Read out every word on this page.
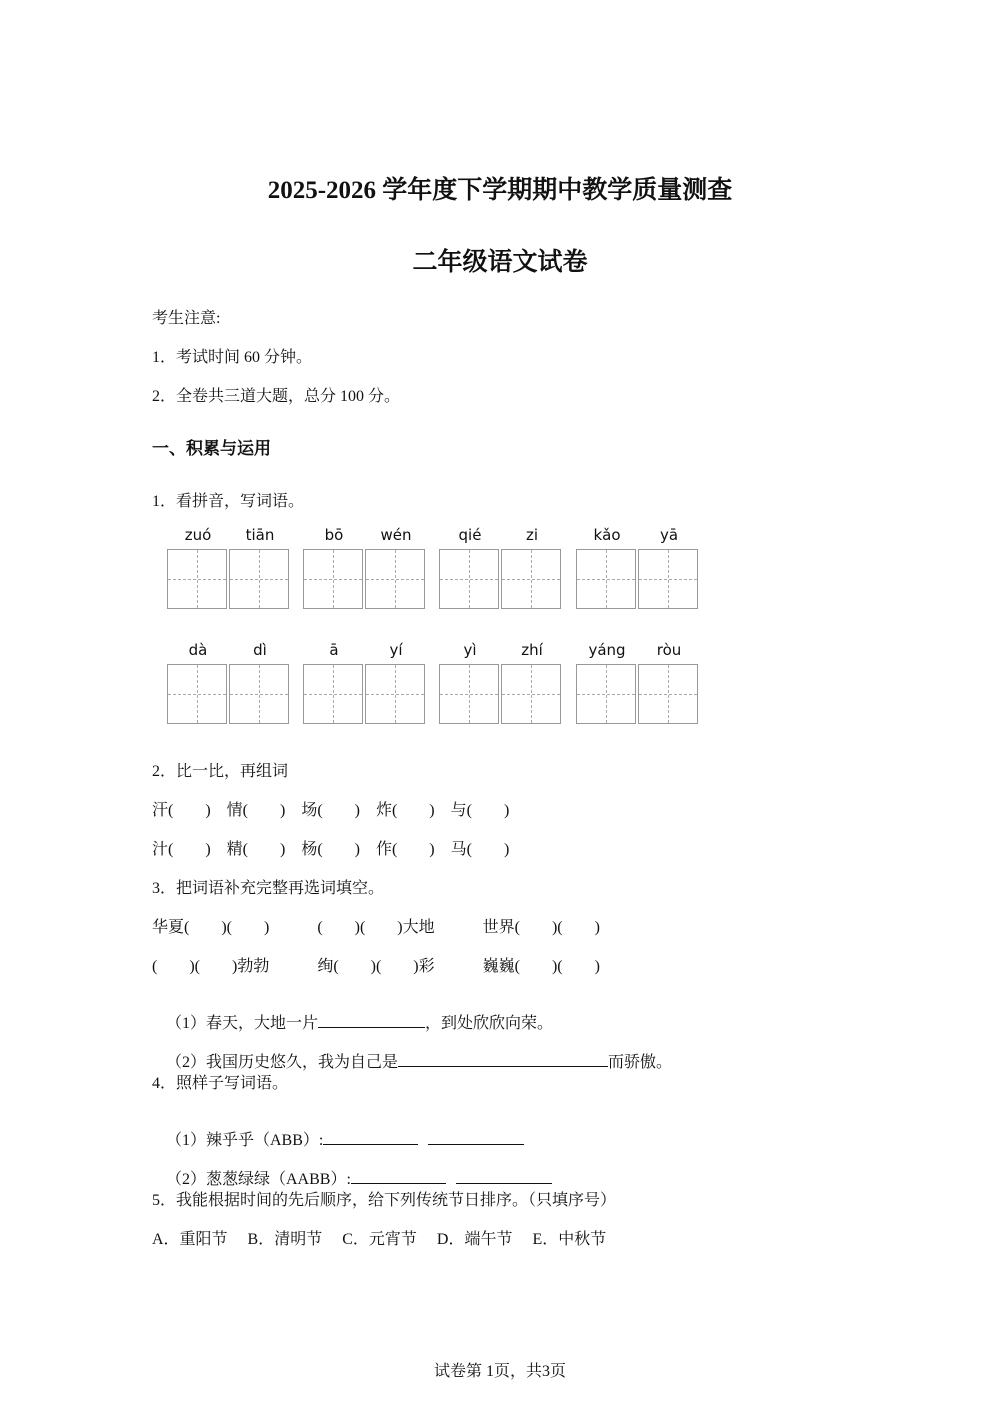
2025-2026 学年度下学期期中教学质量测查
二年级语文试卷
考生注意:
1．考试时间 60 分钟。
2．全卷共三道大题，总分 100 分。
一、积累与运用
1．看拼音，写词语。
zuó	tiān	bō	wén	qié	zi	kǎo	yā
dà	dì	ā	yí	yì	zhí	yáng	ròu
2．比一比，再组词
汗(　　)　情(　　)　场(　　)　炸(　　)　与(　　)
汁(　　)　精(　　)　杨(　　)　作(　　)　马(　　)
3．把词语补充完整再选词填空。
华夏(　　)(　　)　　　(　　)(　　)大地　　　世界(　　)(　　)
(　　)(　　)勃勃　　　绚(　　)(　　)彩　　　巍巍(　　)(　　)

（1）春天，大地一片	，到处欣欣向荣。

（2）我国历史悠久，我为自己是	而骄傲。

4．照样子写词语。

（1）辣乎乎（ABB）:

（2）葱葱绿绿（AABB）:

5．我能根据时间的先后顺序，给下列传统节日排序。（只填序号）
A．重阳节　 B．清明节　 C．元宵节　 D．端午节　 E．中秋节
试卷第 1页，共3页
